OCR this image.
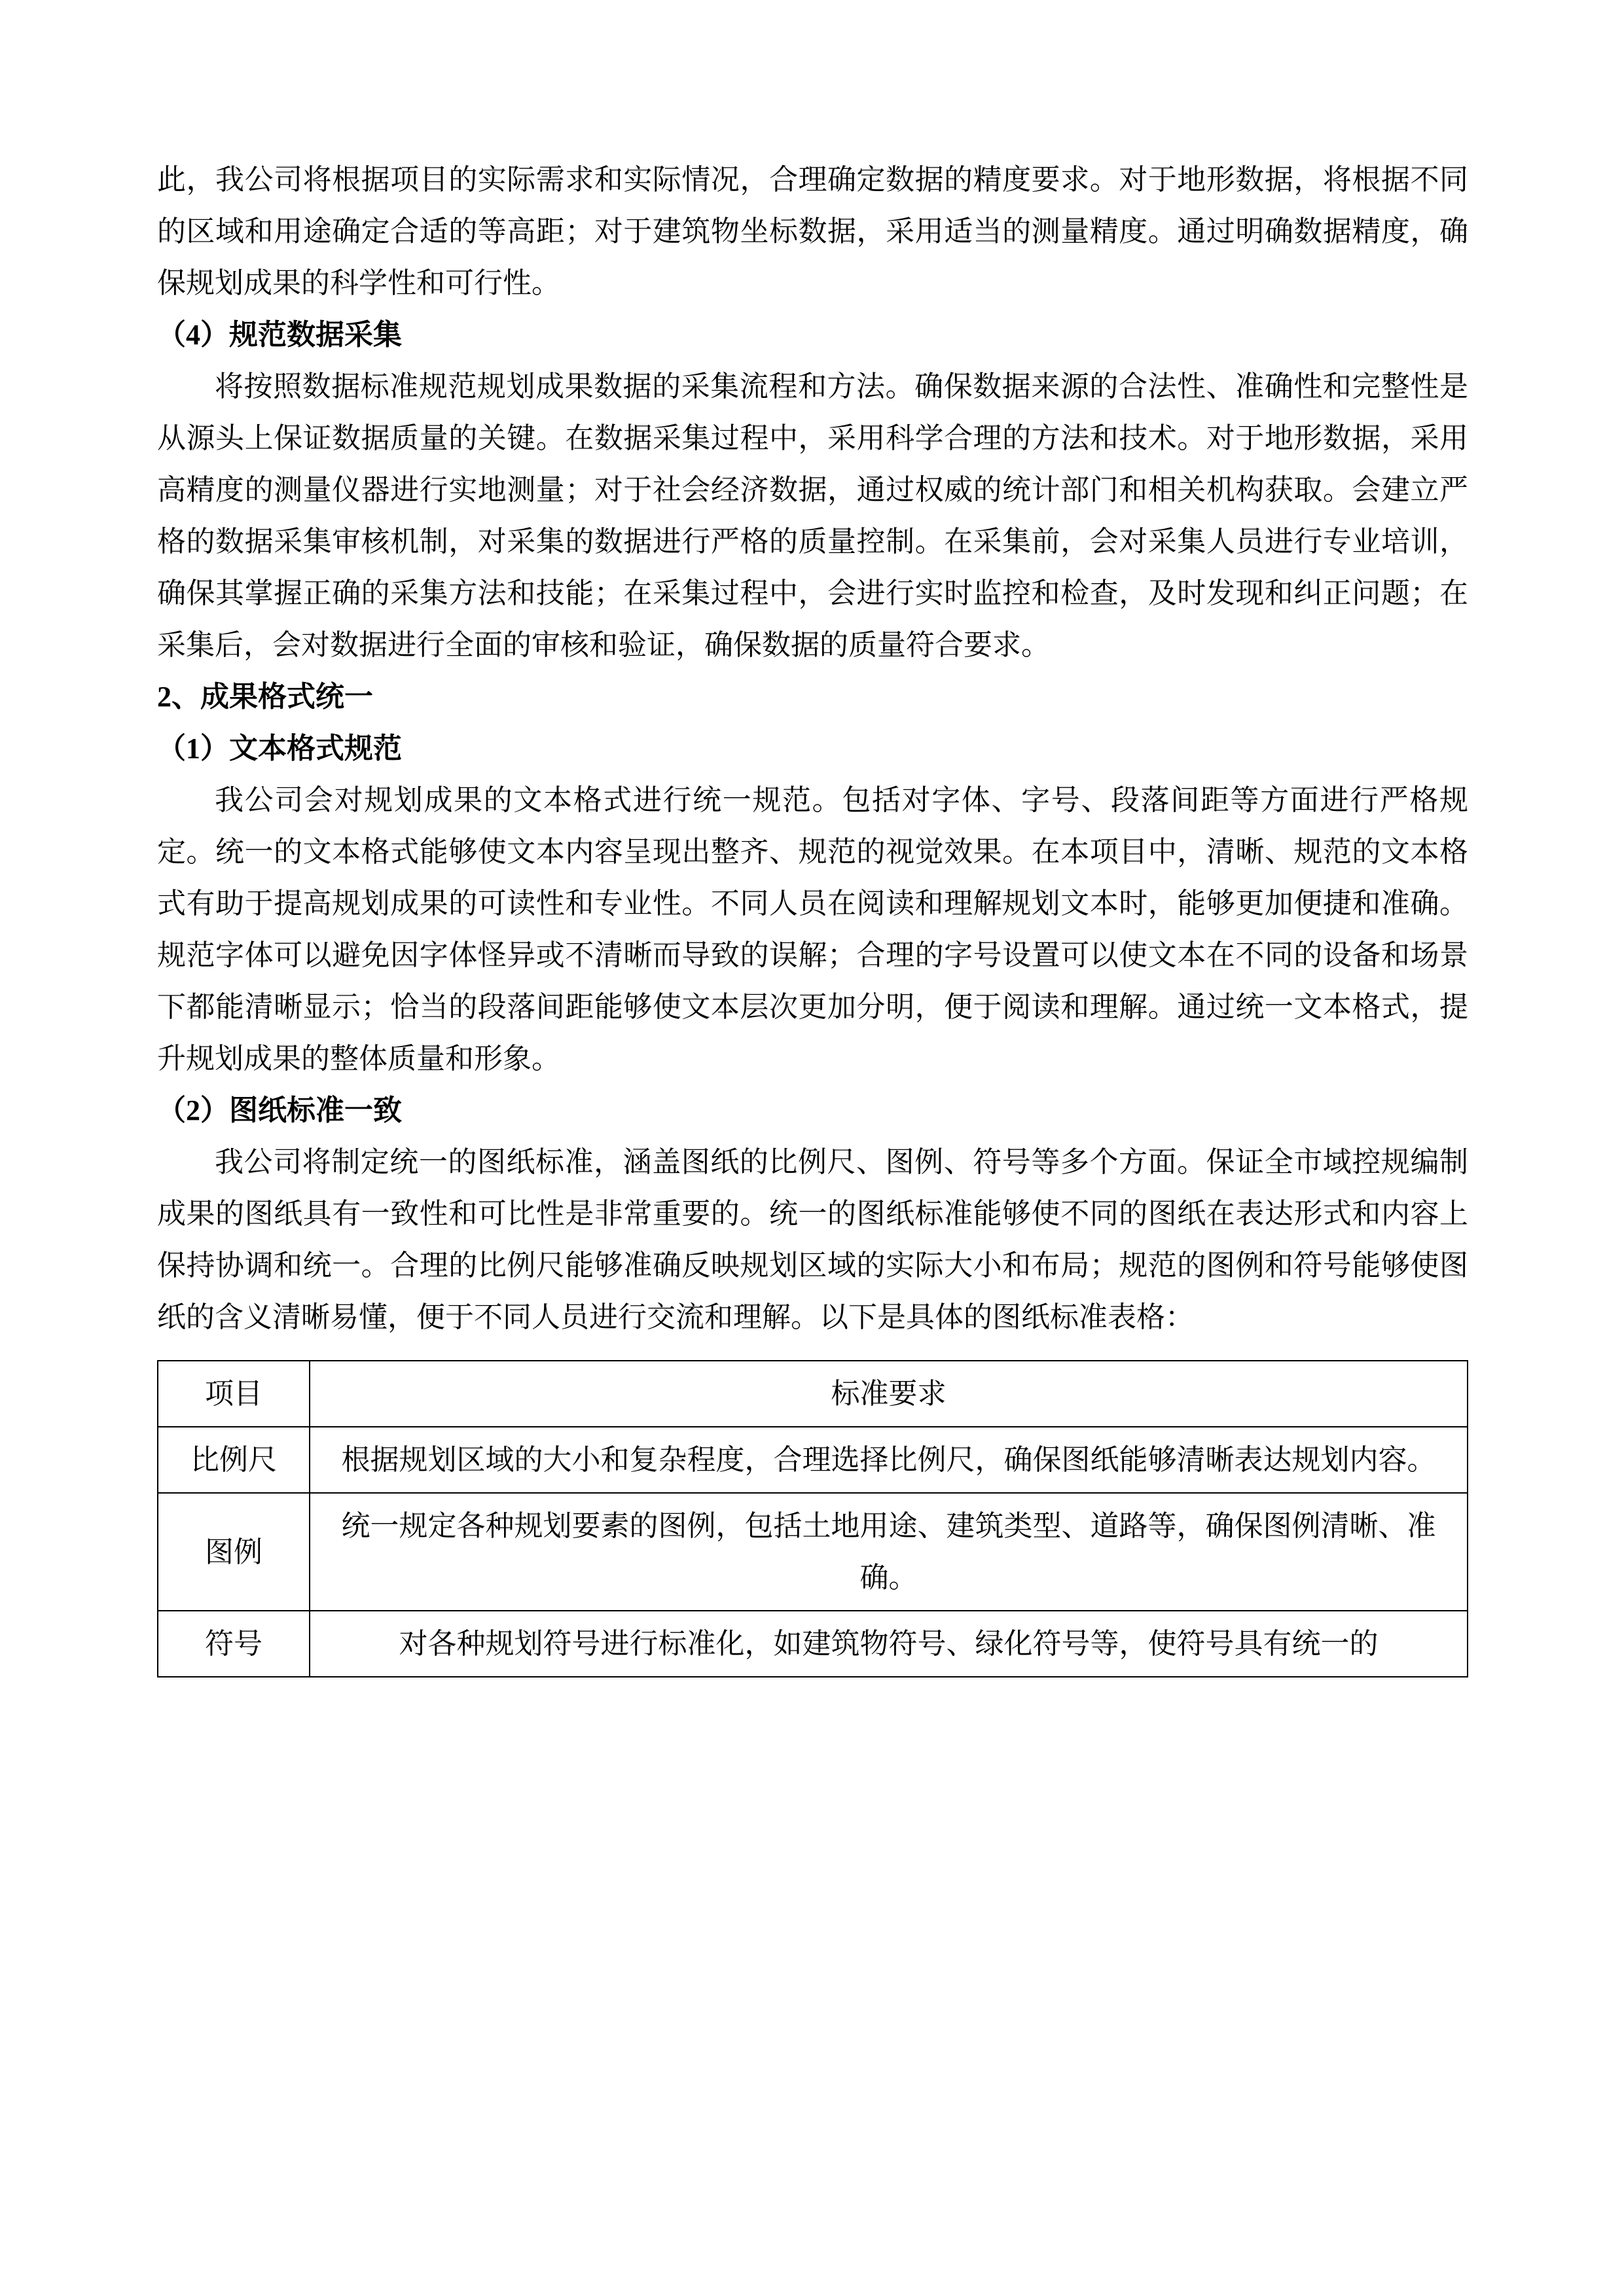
此，我公司将根据项目的实际需求和实际情况，合理确定数据的精度要求。对于地形数据，将根据不同的区域和用途确定合适的等高距；对于建筑物坐标数据，采用适当的测量精度。通过明确数据精度，确保规划成果的科学性和可行性。

（4）规范数据采集

将按照数据标准规范规划成果数据的采集流程和方法。确保数据来源的合法性、准确性和完整性是从源头上保证数据质量的关键。在数据采集过程中，采用科学合理的方法和技术。对于地形数据，采用高精度的测量仪器进行实地测量；对于社会经济数据，通过权威的统计部门和相关机构获取。会建立严格的数据采集审核机制，对采集的数据进行严格的质量控制。在采集前，会对采集人员进行专业培训，确保其掌握正确的采集方法和技能；在采集过程中，会进行实时监控和检查，及时发现和纠正问题；在采集后，会对数据进行全面的审核和验证，确保数据的质量符合要求。

2、成果格式统一
（1）文本格式规范

我公司会对规划成果的文本格式进行统一规范。包括对字体、字号、段落间距等方面进行严格规定。统一的文本格式能够使文本内容呈现出整齐、规范的视觉效果。在本项目中，清晰、规范的文本格式有助于提高规划成果的可读性和专业性。不同人员在阅读和理解规划文本时，能够更加便捷和准确。规范字体可以避免因字体怪异或不清晰而导致的误解；合理的字号设置可以使文本在不同的设备和场景下都能清晰显示；恰当的段落间距能够使文本层次更加分明，便于阅读和理解。通过统一文本格式，提升规划成果的整体质量和形象。

（2）图纸标准一致

我公司将制定统一的图纸标准，涵盖图纸的比例尺、图例、符号等多个方面。保证全市域控规编制成果的图纸具有一致性和可比性是非常重要的。统一的图纸标准能够使不同的图纸在表达形式和内容上保持协调和统一。合理的比例尺能够准确反映规划区域的实际大小和布局；规范的图例和符号能够使图纸的含义清晰易懂，便于不同人员进行交流和理解。以下是具体的图纸标准表格：

项目	标准要求
比例尺	根据规划区域的大小和复杂程度，合理选择比例尺，确保图纸能够清晰表达规划内容。
图例	统一规定各种规划要素的图例，包括土地用途、建筑类型、道路等，确保图例清晰、准确。
符号	对各种规划符号进行标准化，如建筑物符号、绿化符号等，使符号具有统一的
